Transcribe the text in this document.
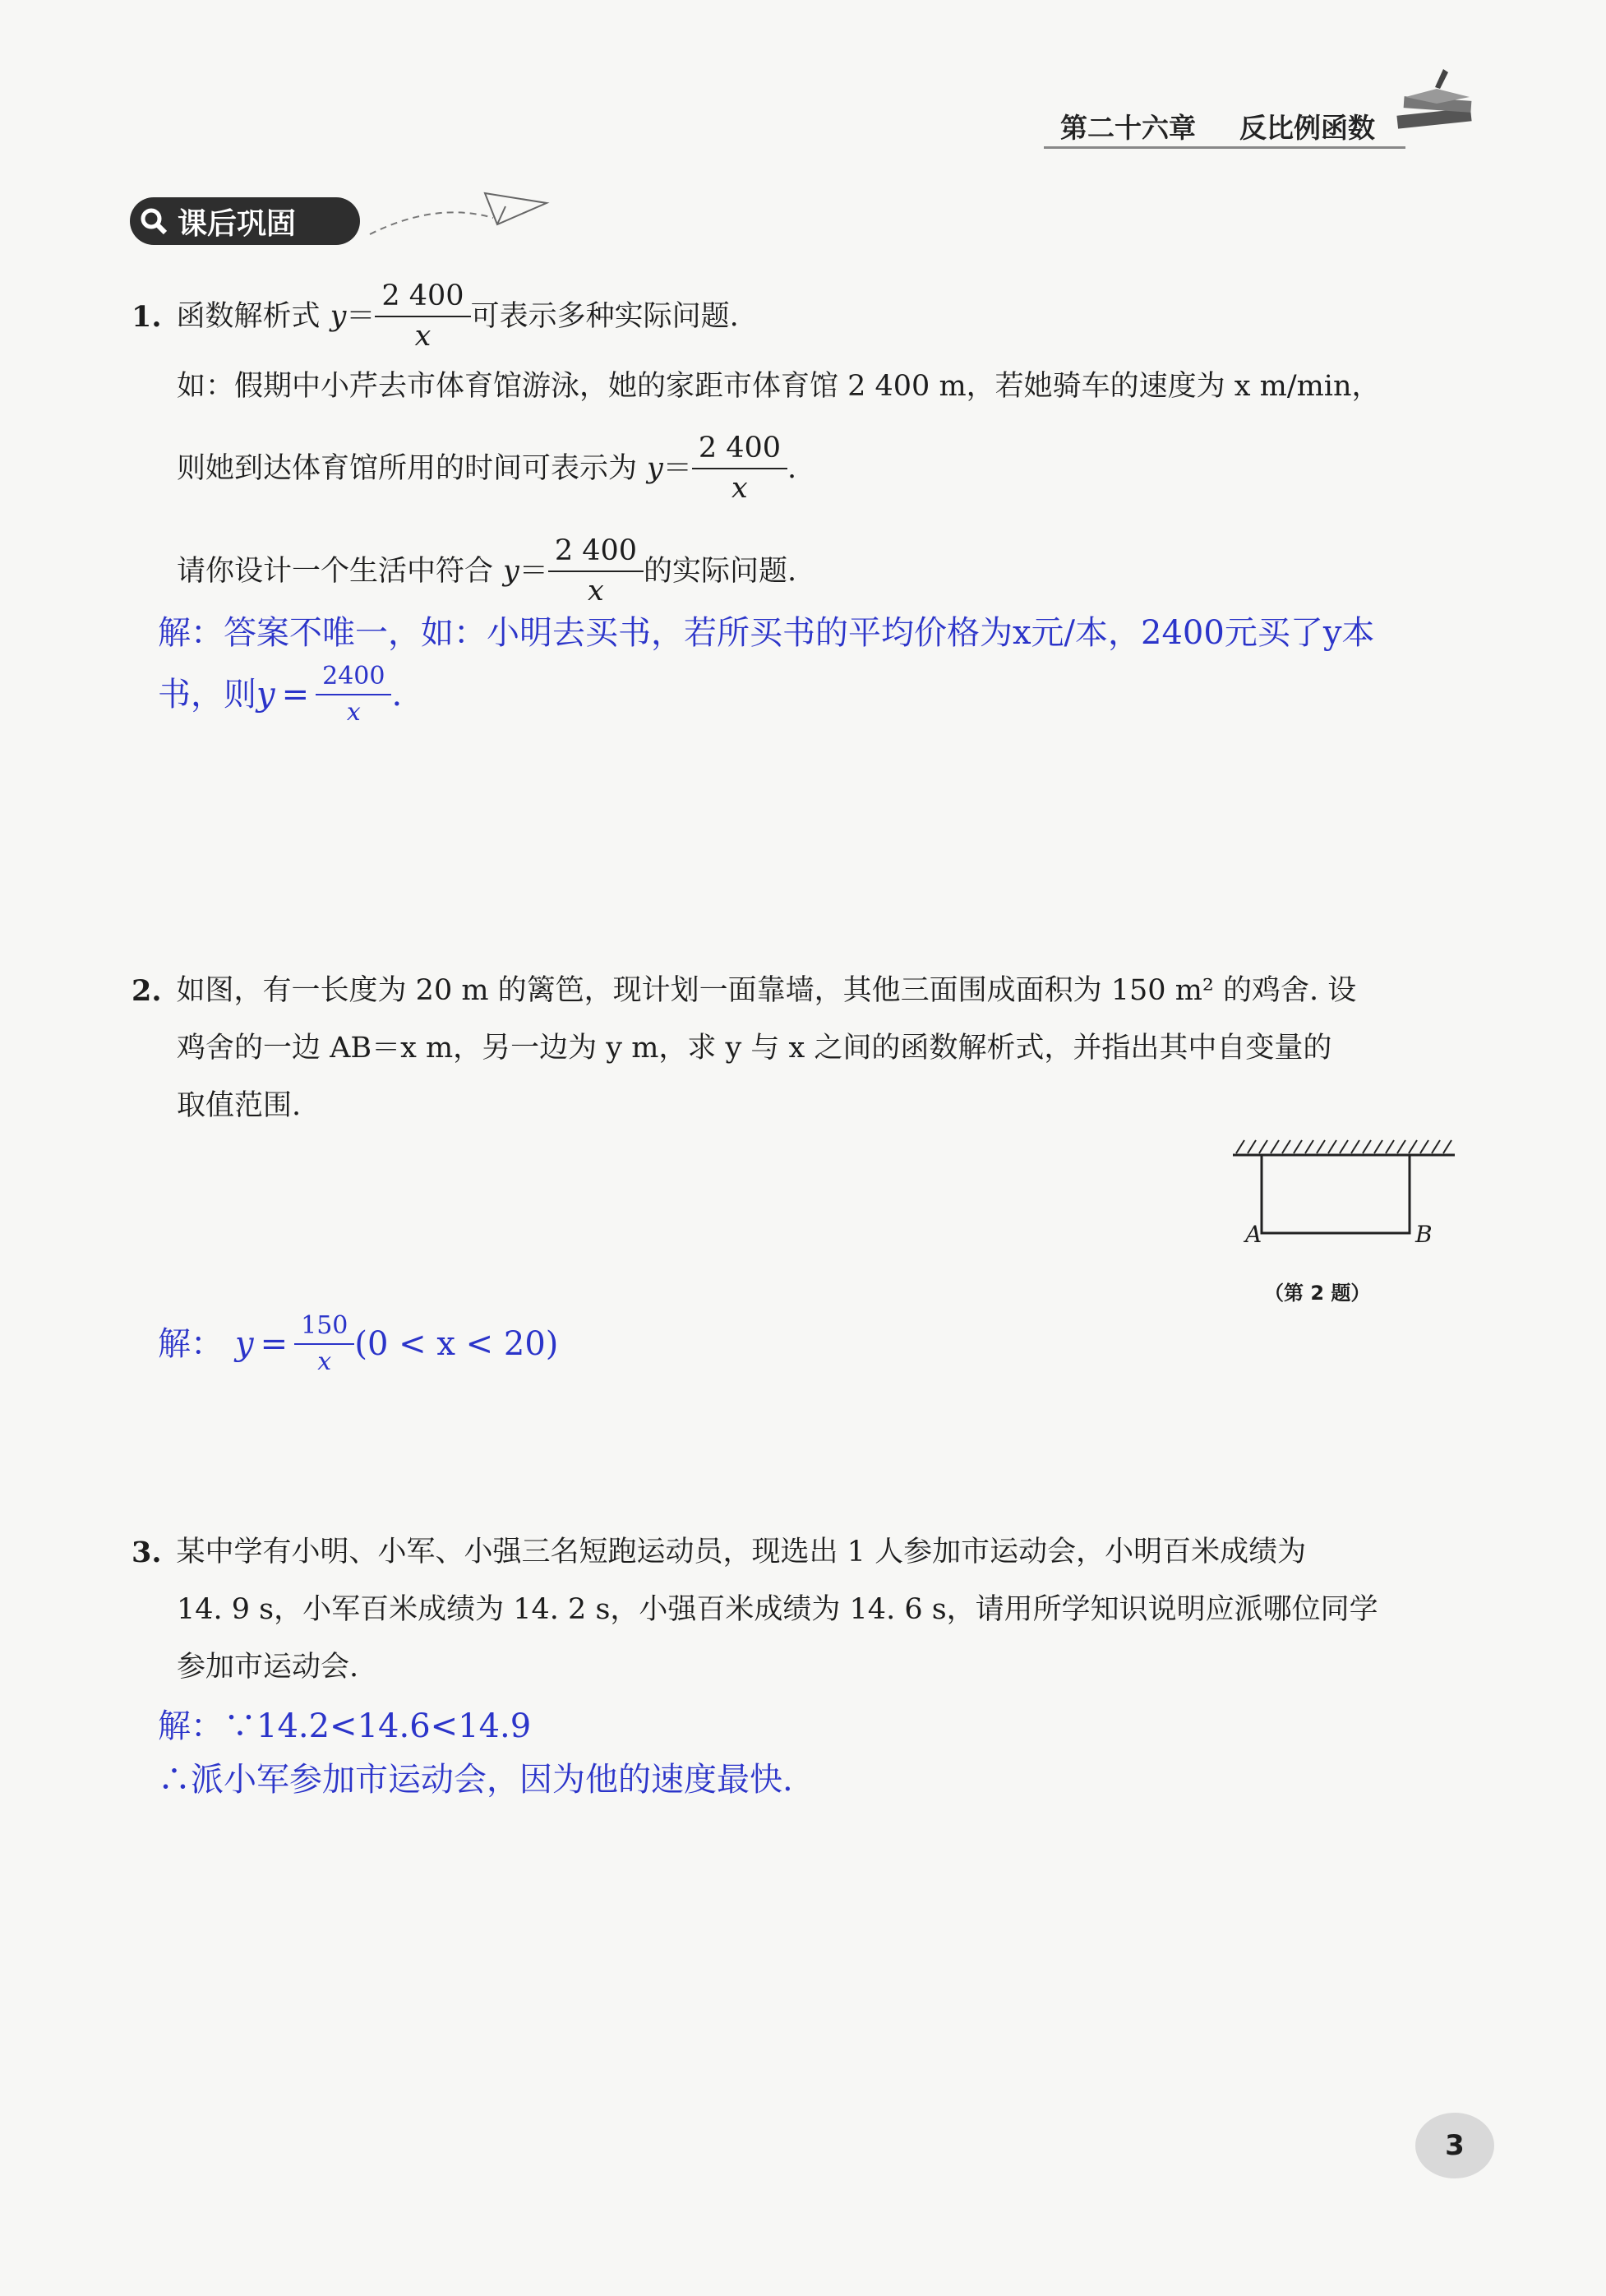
第二十六章 反比例函数
课后巩固
1. 函数解析式 $y = \frac{2 400}{x}$ 可表示多种实际问题.
如：假期中小芹去市体育馆游泳，她的家距市体育馆 2 400 m，若她骑车的速度为 x m/min，
则她到达体育馆所用的时间可表示为 $y = \frac{2 400}{x}$ .
请你设计一个生活中符合 $y = \frac{2 400}{x}$ 的实际问题.
解：答案不唯一，如：小明去买书，若所买书的平均价格为x元/本，2400元买了y本
书，则 $y = \frac{2400}{x}$ .
2. 如图，有一长度为 20 m 的篱笆，现计划一面靠墙，其他三面围成面积为 150 m² 的鸡舍. 设
鸡舍的一边 AB＝x m，另一边为 y m，求 y 与 x 之间的函数解析式，并指出其中自变量的
取值范围.
A	B
（第 2 题）
解： $y = \frac{150}{x} (0 < x < 20)$
3. 某中学有小明、小军、小强三名短跑运动员，现选出 1 人参加市运动会，小明百米成绩为
14. 9 s，小军百米成绩为 14. 2 s，小强百米成绩为 14. 6 s，请用所学知识说明应派哪位同学
参加市运动会.
解：∵14.2<14.6<14.9
∴派小军参加市运动会，因为他的速度最快.
3
